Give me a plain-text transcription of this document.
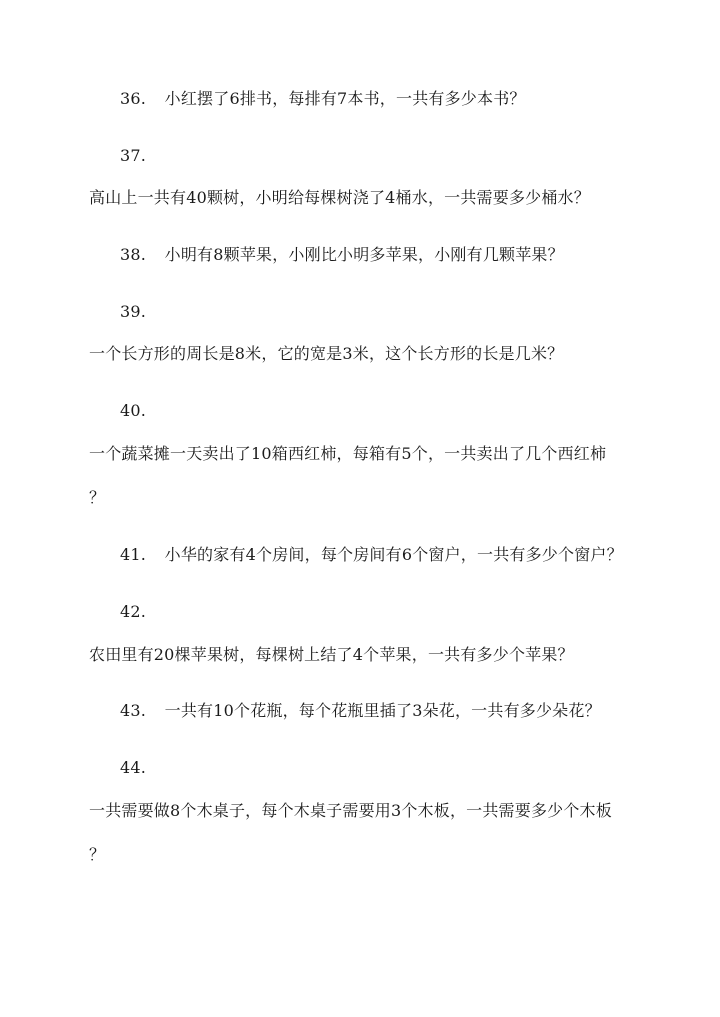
36. 小红摆了6排书，每排有7本书，一共有多少本书？
37.
高山上一共有40颗树，小明给每棵树浇了4桶水，一共需要多少桶水？
38. 小明有8颗苹果，小刚比小明多苹果，小刚有几颗苹果？
39.
一个长方形的周长是8米，它的宽是3米，这个长方形的长是几米？
40.
一个蔬菜摊一天卖出了10箱西红柿，每箱有5个，一共卖出了几个西红柿
？
41. 小华的家有4个房间，每个房间有6个窗户，一共有多少个窗户？
42.
农田里有20棵苹果树，每棵树上结了4个苹果，一共有多少个苹果？
43. 一共有10个花瓶，每个花瓶里插了3朵花，一共有多少朵花？
44.
一共需要做8个木桌子，每个木桌子需要用3个木板，一共需要多少个木板
？
